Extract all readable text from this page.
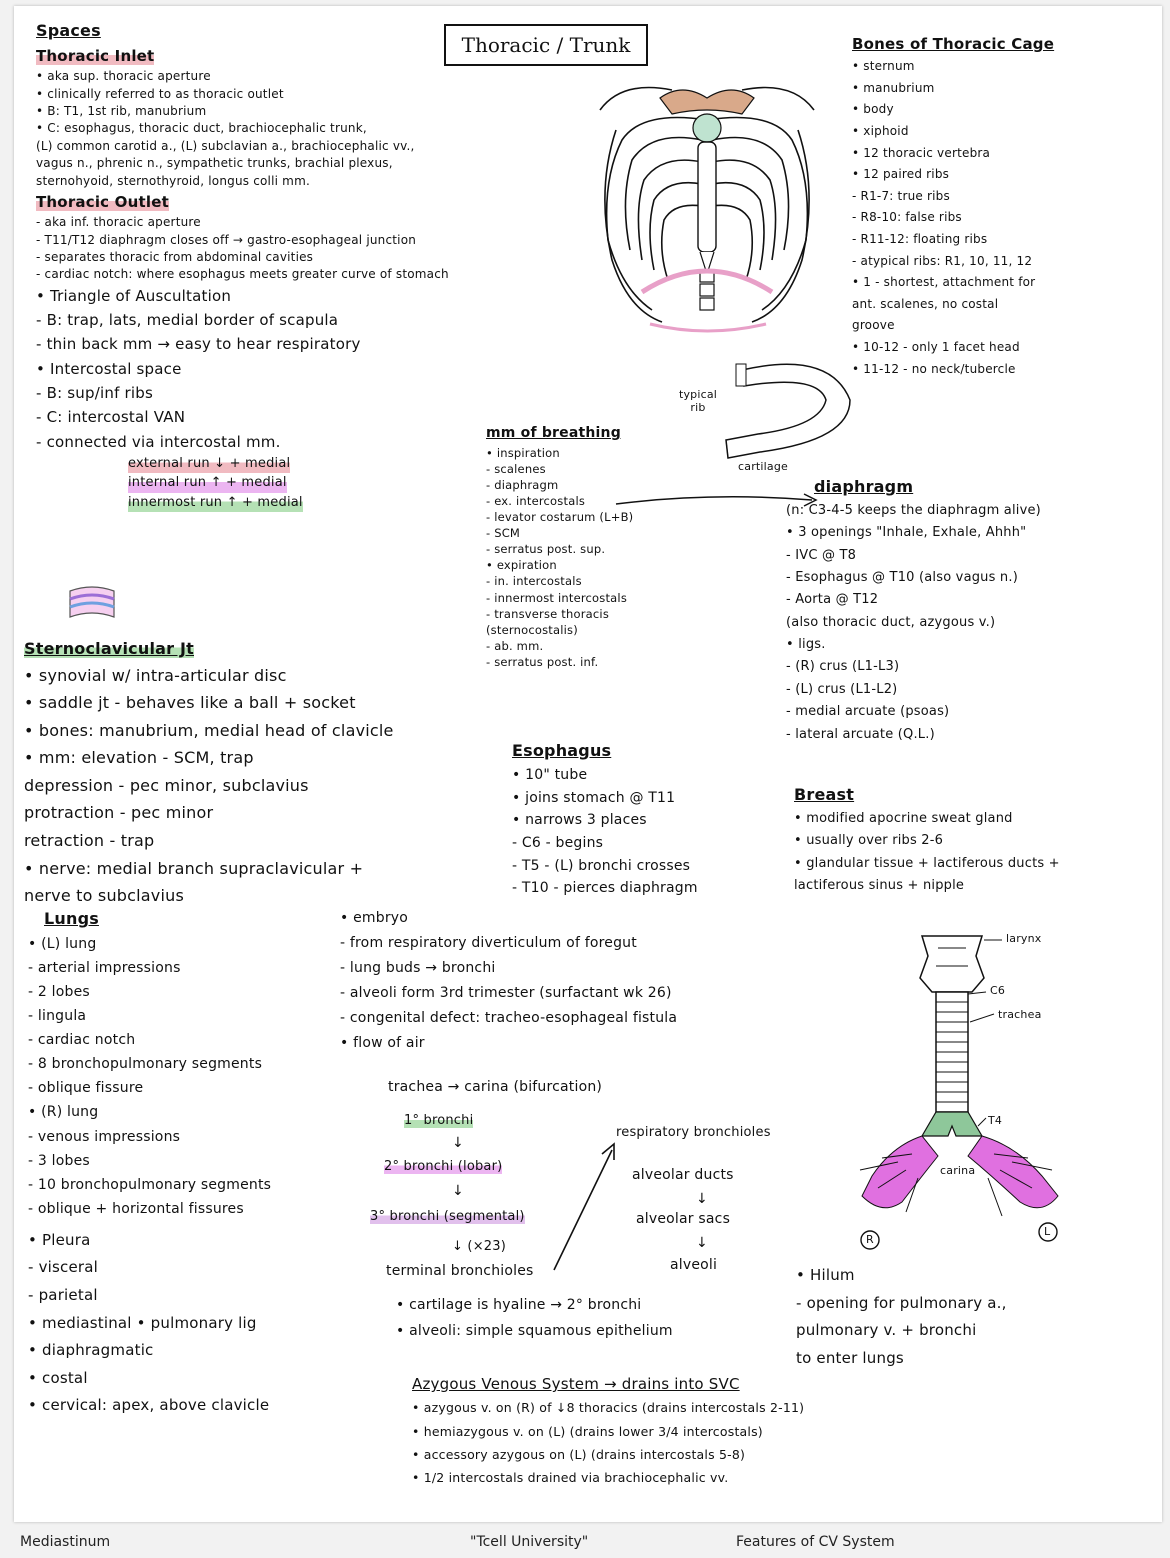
Thoracic / Trunk
Spaces
Thoracic Inlet
• aka sup. thoracic aperture
• clinically referred to as thoracic outlet
• B: T1, 1st rib, manubrium
• C: esophagus, thoracic duct, brachiocephalic trunk,
(L) common carotid a., (L) subclavian a., brachiocephalic vv.,
vagus n., phrenic n., sympathetic trunks, brachial plexus,
sternohyoid, sternothyroid, longus colli mm.
Thoracic Outlet
- aka inf. thoracic aperture
- T11/T12 diaphragm closes off → gastro-esophageal junction
- separates thoracic from abdominal cavities
- cardiac notch: where esophagus meets greater curve of stomach
• Triangle of Auscultation
- B: trap, lats, medial border of scapula
- thin back mm → easy to hear respiratory
• Intercostal space
- B: sup/inf ribs
- C: intercostal VAN
- connected via intercostal mm.
external run ↓ + medial
internal run ↑ + medial
innermost run ↑ + medial
Sternoclavicular Jt
• synovial w/ intra-articular disc
• saddle jt - behaves like a ball + socket
• bones: manubrium, medial head of clavicle
• mm: elevation - SCM, trap
depression - pec minor, subclavius
protraction - pec minor
retraction - trap
• nerve: medial branch supraclavicular +
nerve to subclavius
typical rib
cartilage
Bones of Thoracic Cage
• sternum
• manubrium
• body
• xiphoid
• 12 thoracic vertebra
• 12 paired ribs
- R1-7: true ribs
- R8-10: false ribs
- R11-12: floating ribs
- atypical ribs: R1, 10, 11, 12
• 1 - shortest, attachment for
ant. scalenes, no costal
groove
• 10-12 - only 1 facet head
• 11-12 - no neck/tubercle
mm of breathing
• inspiration
- scalenes
- diaphragm
- ex. intercostals
- levator costarum (L+B)
- SCM
- serratus post. sup.
• expiration
- in. intercostals
- innermost intercostals
- transverse thoracis
(sternocostalis)
- ab. mm.
- serratus post. inf.
diaphragm
(n: C3-4-5 keeps the diaphragm alive)
• 3 openings "Inhale, Exhale, Ahhh"
- IVC @ T8
- Esophagus @ T10 (also vagus n.)
- Aorta @ T12
(also thoracic duct, azygous v.)
• ligs.
- (R) crus (L1-L3)
- (L) crus (L1-L2)
- medial arcuate (psoas)
- lateral arcuate (Q.L.)
Esophagus
• 10" tube
• joins stomach @ T11
• narrows 3 places
- C6 - begins
- T5 - (L) bronchi crosses
- T10 - pierces diaphragm
Breast
• modified apocrine sweat gland
• usually over ribs 2-6
• glandular tissue + lactiferous ducts +
lactiferous sinus + nipple
Lungs
• (L) lung
- arterial impressions
- 2 lobes
- lingula
- cardiac notch
- 8 bronchopulmonary segments
- oblique fissure
• (R) lung
- venous impressions
- 3 lobes
- 10 bronchopulmonary segments
- oblique + horizontal fissures
• Pleura
- visceral
- parietal
• mediastinal • pulmonary lig
• diaphragmatic
• costal
• cervical: apex, above clavicle
• embryo
- from respiratory diverticulum of foregut
- lung buds → bronchi
- alveoli form 3rd trimester (surfactant wk 26)
- congenital defect: tracheo-esophageal fistula
• flow of air
trachea → carina (bifurcation)
1° bronchi
↓
2° bronchi (lobar)
↓
3° bronchi (segmental)
↓ (×23)
terminal bronchioles
respiratory bronchioles
alveolar ducts
↓
alveolar sacs
↓
alveoli
• cartilage is hyaline → 2° bronchi
• alveoli: simple squamous epithelium
larynx
C6
trachea
T4
carina
R
L
• Hilum
- opening for pulmonary a.,
pulmonary v. + bronchi
to enter lungs
Azygous Venous System → drains into SVC
• azygous v. on (R) of ↓8 thoracics (drains intercostals 2-11)
• hemiazygous v. on (L) (drains lower 3/4 intercostals)
• accessory azygous on (L) (drains intercostals 5-8)
• 1/2 intercostals drained via brachiocephalic vv.
Mediastinum	"Tcell University"	Features of CV System
